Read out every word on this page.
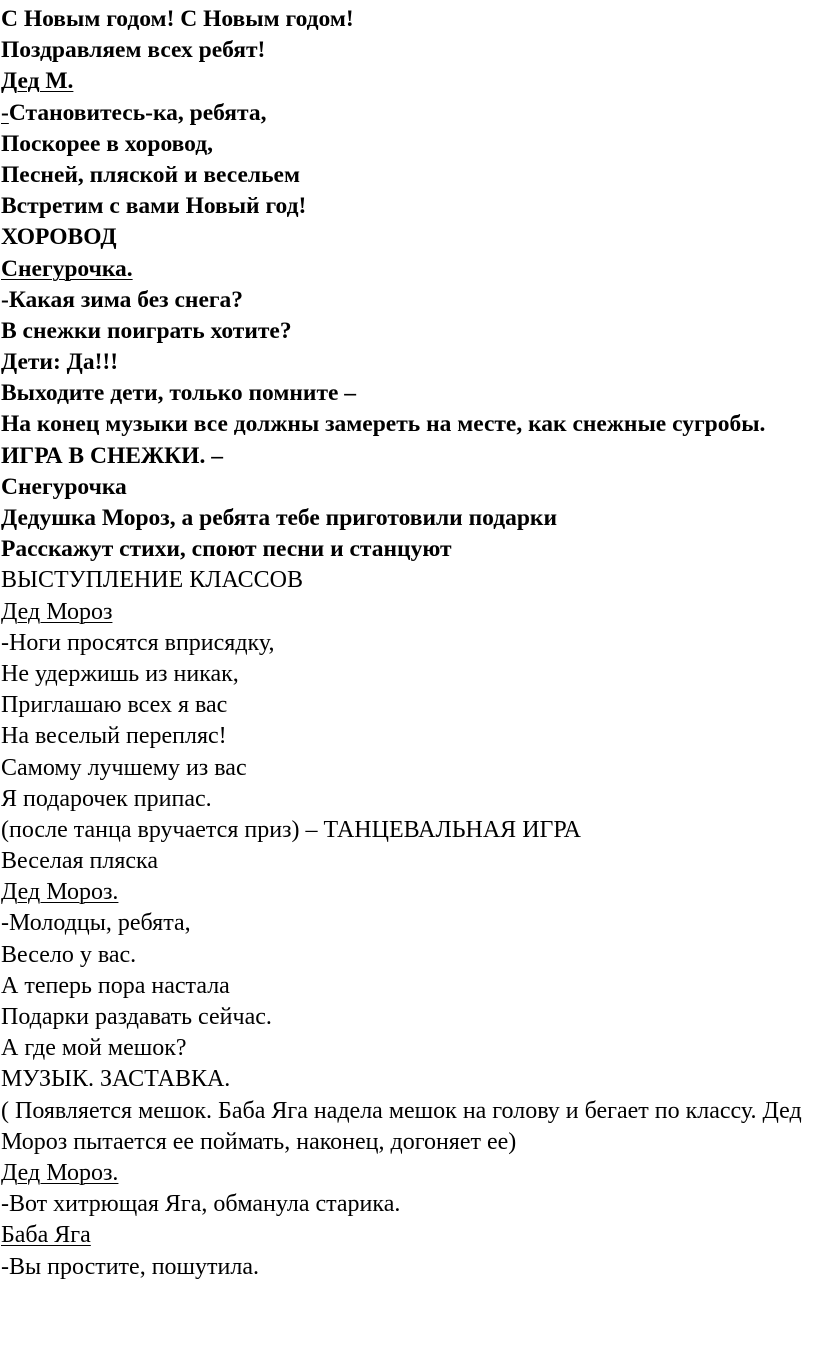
С Новым годом! С Новым годом!
Поздравляем всех ребят!
Дед М.
-Становитесь-ка, ребята,
Поскорее в хоровод,
Песней, пляской и весельем
Встретим с вами Новый год!
ХОРОВОД
Снегурочка.
-Какая зима без снега?
В снежки поиграть хотите?
Дети: Да!!!
Выходите дети, только помните –
На конец музыки все должны замереть на месте, как снежные сугробы.
ИГРА В СНЕЖКИ. –
Снегурочка
Дедушка Мороз, а ребята тебе приготовили подарки
Расскажут стихи, споют песни и станцуют
ВЫСТУПЛЕНИЕ КЛАССОВ
Дед Мороз
-Ноги просятся вприсядку,
Не удержишь из никак,
Приглашаю всех я вас
На веселый перепляс!
Самому лучшему из вас
Я подарочек припас.
(после танца вручается приз) – ТАНЦЕВАЛЬНАЯ ИГРА
Веселая пляска
Дед Мороз.
-Молодцы, ребята,
Весело у вас.
А теперь пора настала
Подарки раздавать сейчас.
А где мой мешок?
МУЗЫК. ЗАСТАВКА.
( Появляется мешок. Баба Яга надела мешок на голову и бегает по классу. Дед Мороз пытается ее поймать, наконец, догоняет ее)
Дед Мороз.
-Вот хитрющая Яга, обманула старика.
Баба Яга
-Вы простите, пошутила.
